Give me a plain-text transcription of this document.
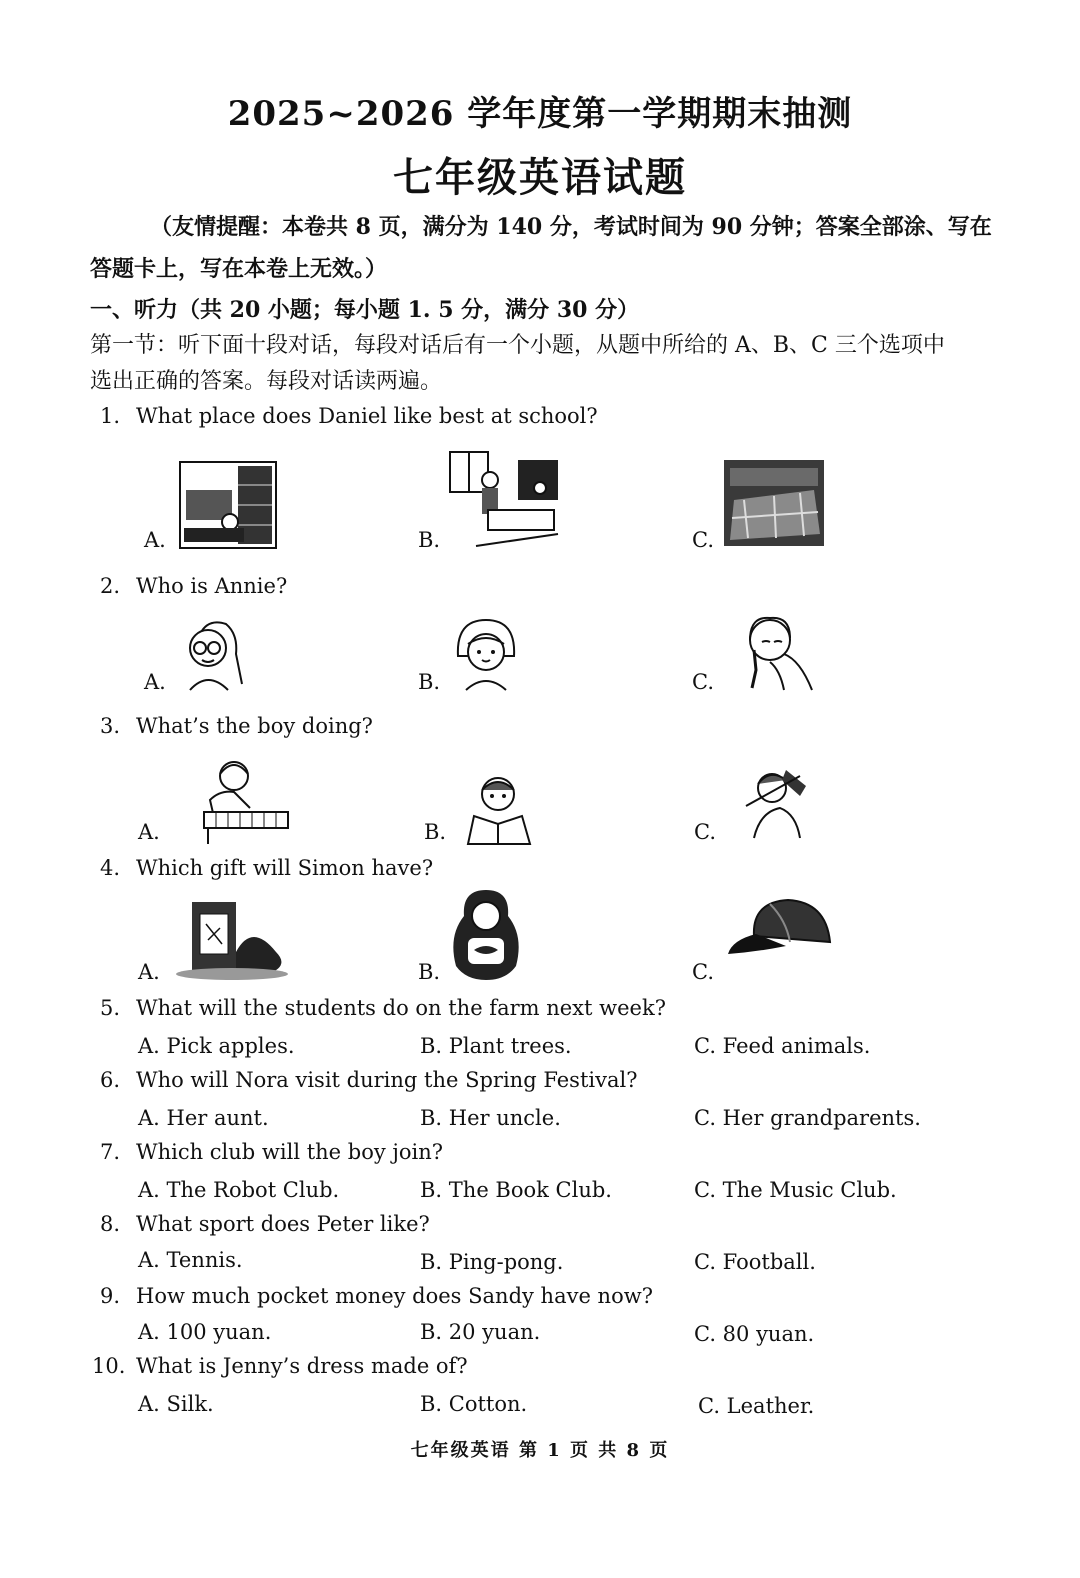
2025~2026 学年度第一学期期末抽测
七年级英语试题
（友情提醒：本卷共 8 页，满分为 140 分，考试时间为 90 分钟；答案全部涂、写在
答题卡上，写在本卷上无效。）
一、听力（共 20 小题；每小题 1. 5 分，满分 30 分）
第一节：听下面十段对话，每段对话后有一个小题，从题中所给的 A、B、C 三个选项中
选出正确的答案。每段对话读两遍。
1. What place does Daniel like best at school?
A.	B.	C.
2. Who is Annie?
A.	B.	C.
3. What’s the boy doing?
A.	B.	C.
4. Which gift will Simon have?
A.	B.	C.
5. What will the students do on the farm next week?
A. Pick apples.	B. Plant trees.	C. Feed animals.
6. Who will Nora visit during the Spring Festival?
A. Her aunt.	B. Her uncle.	C. Her grandparents.
7. Which club will the boy join?
A. The Robot Club.	B. The Book Club.	C. The Music Club.
8. What sport does Peter like?
A. Tennis.	B. Ping-pong.	C. Football.
9. How much pocket money does Sandy have now?
A. 100 yuan.	B. 20 yuan.	C. 80 yuan.
10. What is Jenny’s dress made of?
A. Silk.	B. Cotton.	C. Leather.
七年级英语 第 1 页 共 8 页
